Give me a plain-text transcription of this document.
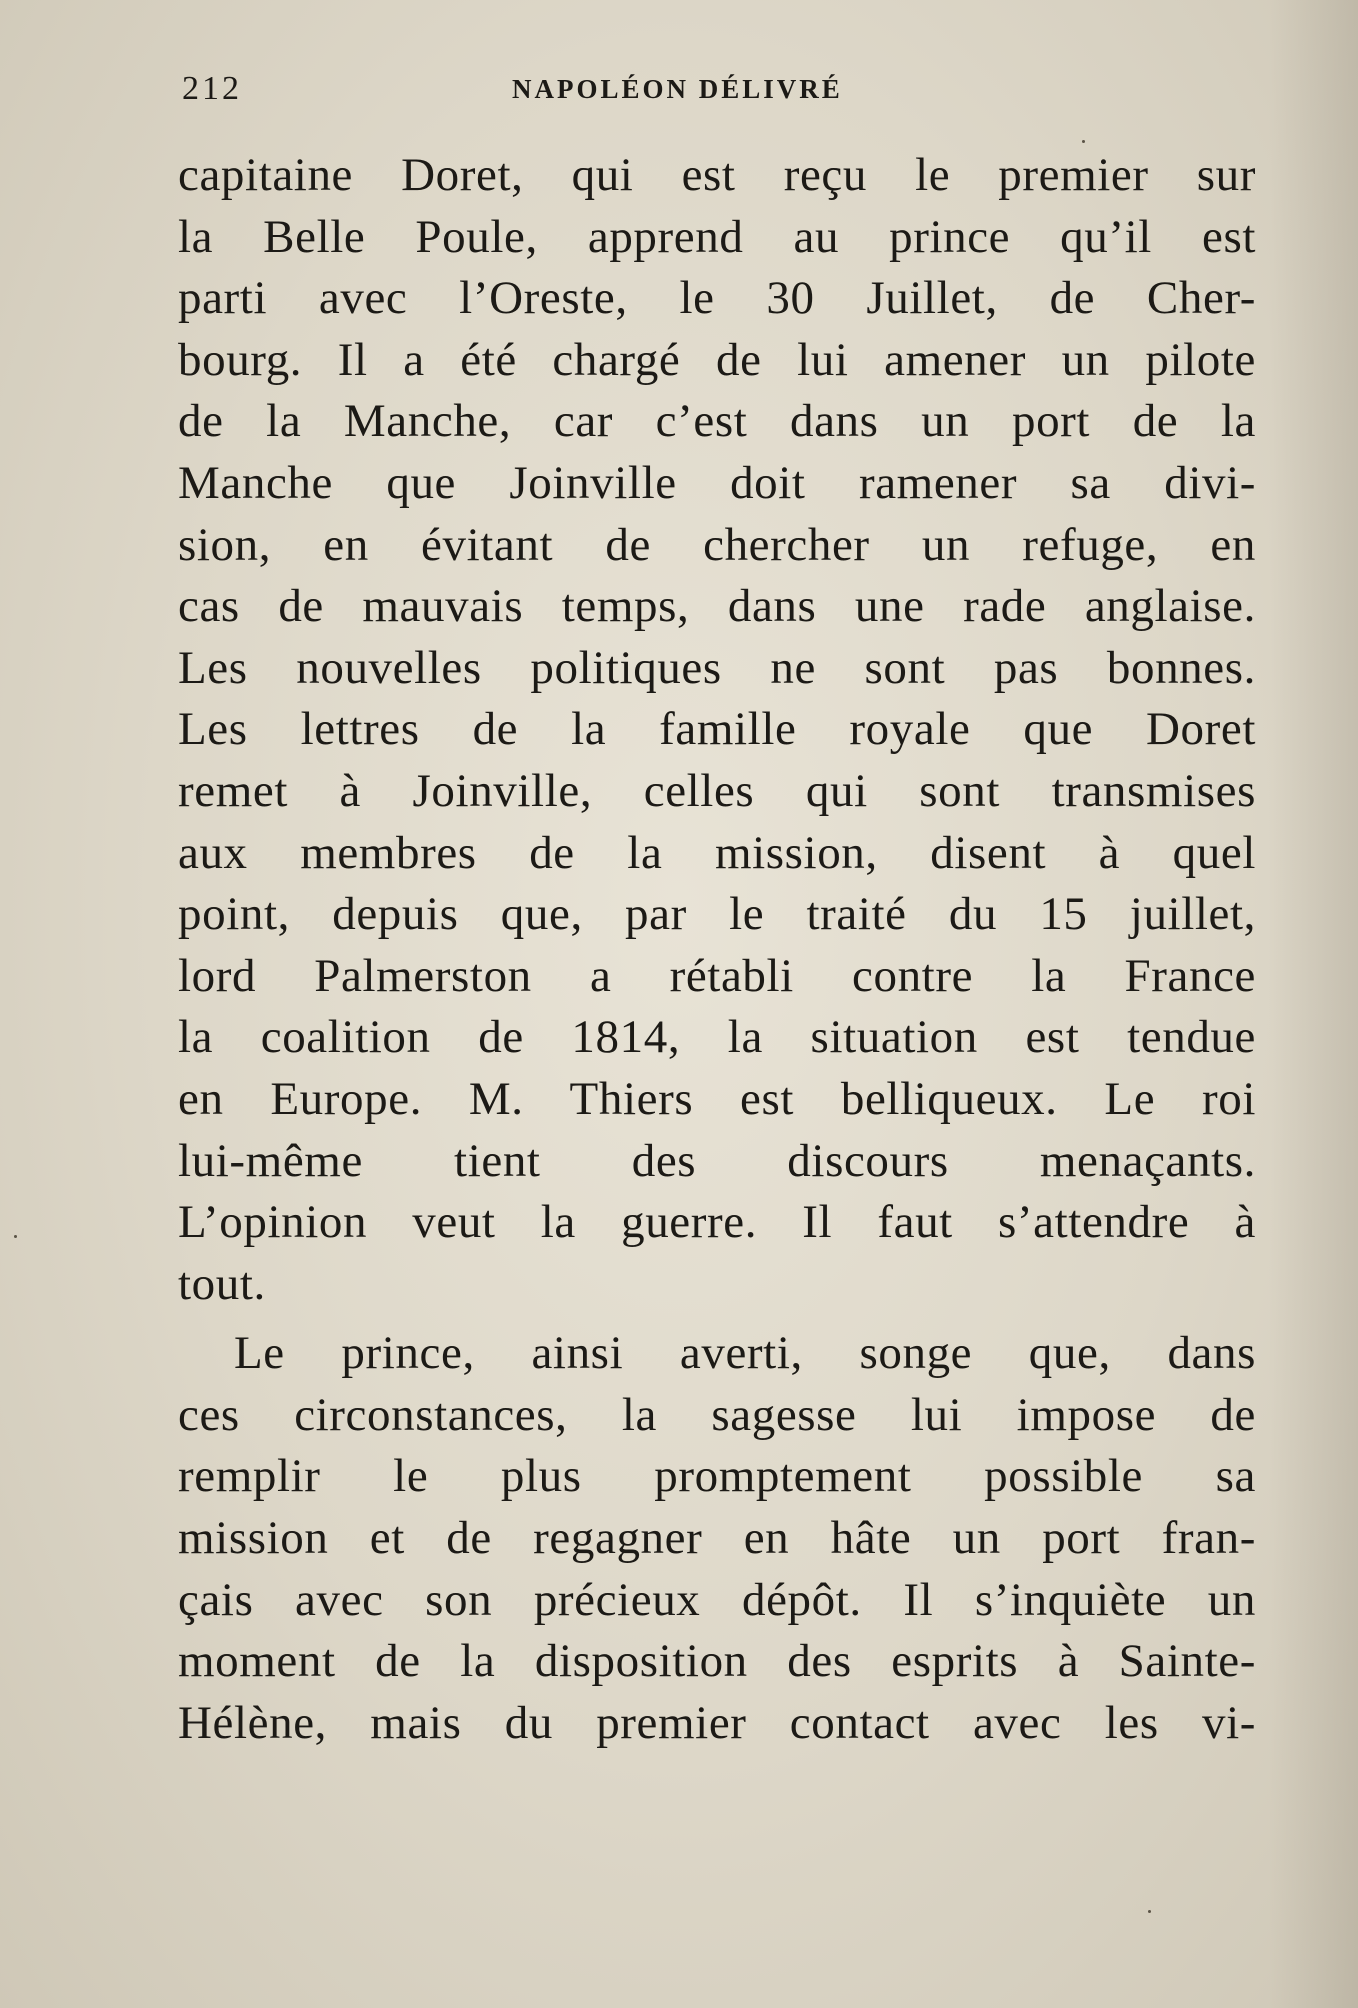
212	NAPOLÉON DÉLIVRÉ
capitaine Doret, qui est reçu le premier sur
la Belle Poule, apprend au prince qu’il est
parti avec l’Oreste, le 30 Juillet, de Cher-
bourg. Il a été chargé de lui amener un pilote
de la Manche, car c’est dans un port de la
Manche que Joinville doit ramener sa divi-
sion, en évitant de chercher un refuge, en
cas de mauvais temps, dans une rade anglaise.
Les nouvelles politiques ne sont pas bonnes.
Les lettres de la famille royale que Doret
remet à Joinville, celles qui sont transmises
aux membres de la mission, disent à quel
point, depuis que, par le traité du 15 juillet,
lord Palmerston a rétabli contre la France
la coalition de 1814, la situation est tendue
en Europe. M. Thiers est belliqueux. Le roi
lui-même tient des discours menaçants.
L’opinion veut la guerre. Il faut s’attendre à
tout.
Le prince, ainsi averti, songe que, dans
ces circonstances, la sagesse lui impose de
remplir le plus promptement possible sa
mission et de regagner en hâte un port fran-
çais avec son précieux dépôt. Il s’inquiète un
moment de la disposition des esprits à Sainte-
Hélène, mais du premier contact avec les vi-
